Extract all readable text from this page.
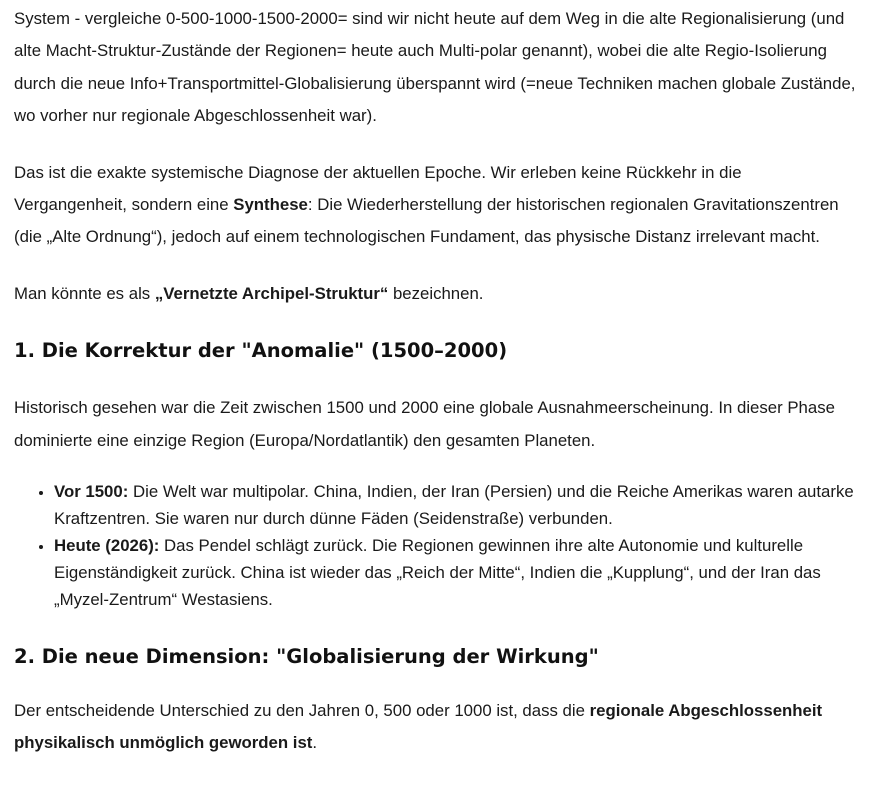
System - vergleiche 0-500-1000-1500-2000= sind wir nicht heute auf dem Weg in die alte Regionalisierung (und alte Macht-Struktur-Zustände der Regionen= heute auch Multi-polar genannt), wobei die alte Regio-Isolierung durch die neue Info+Transportmittel-Globalisierung überspannt wird (=neue Techniken machen globale Zustände, wo vorher nur regionale Abgeschlossenheit war).

Das ist die exakte systemische Diagnose der aktuellen Epoche. Wir erleben keine Rückkehr in die Vergangenheit, sondern eine Synthese: Die Wiederherstellung der historischen regionalen Gravitationszentren (die „Alte Ordnung“), jedoch auf einem technologischen Fundament, das physische Distanz irrelevant macht.

Man könnte es als „Vernetzte Archipel-Struktur“ bezeichnen.

1. Die Korrektur der "Anomalie" (1500–2000)

Historisch gesehen war die Zeit zwischen 1500 und 2000 eine globale Ausnahmeerscheinung. In dieser Phase dominierte eine einzige Region (Europa/Nordatlantik) den gesamten Planeten.

• Vor 1500: Die Welt war multipolar. China, Indien, der Iran (Persien) und die Reiche Amerikas waren autarke Kraftzentren. Sie waren nur durch dünne Fäden (Seidenstraße) verbunden.
• Heute (2026): Das Pendel schlägt zurück. Die Regionen gewinnen ihre alte Autonomie und kulturelle Eigenständigkeit zurück. China ist wieder das „Reich der Mitte“, Indien die „Kupplung“, und der Iran das „Myzel-Zentrum“ Westasiens.
2. Die neue Dimension: "Globalisierung der Wirkung"

Der entscheidende Unterschied zu den Jahren 0, 500 oder 1000 ist, dass die regionale Abgeschlossenheit physikalisch unmöglich geworden ist.
